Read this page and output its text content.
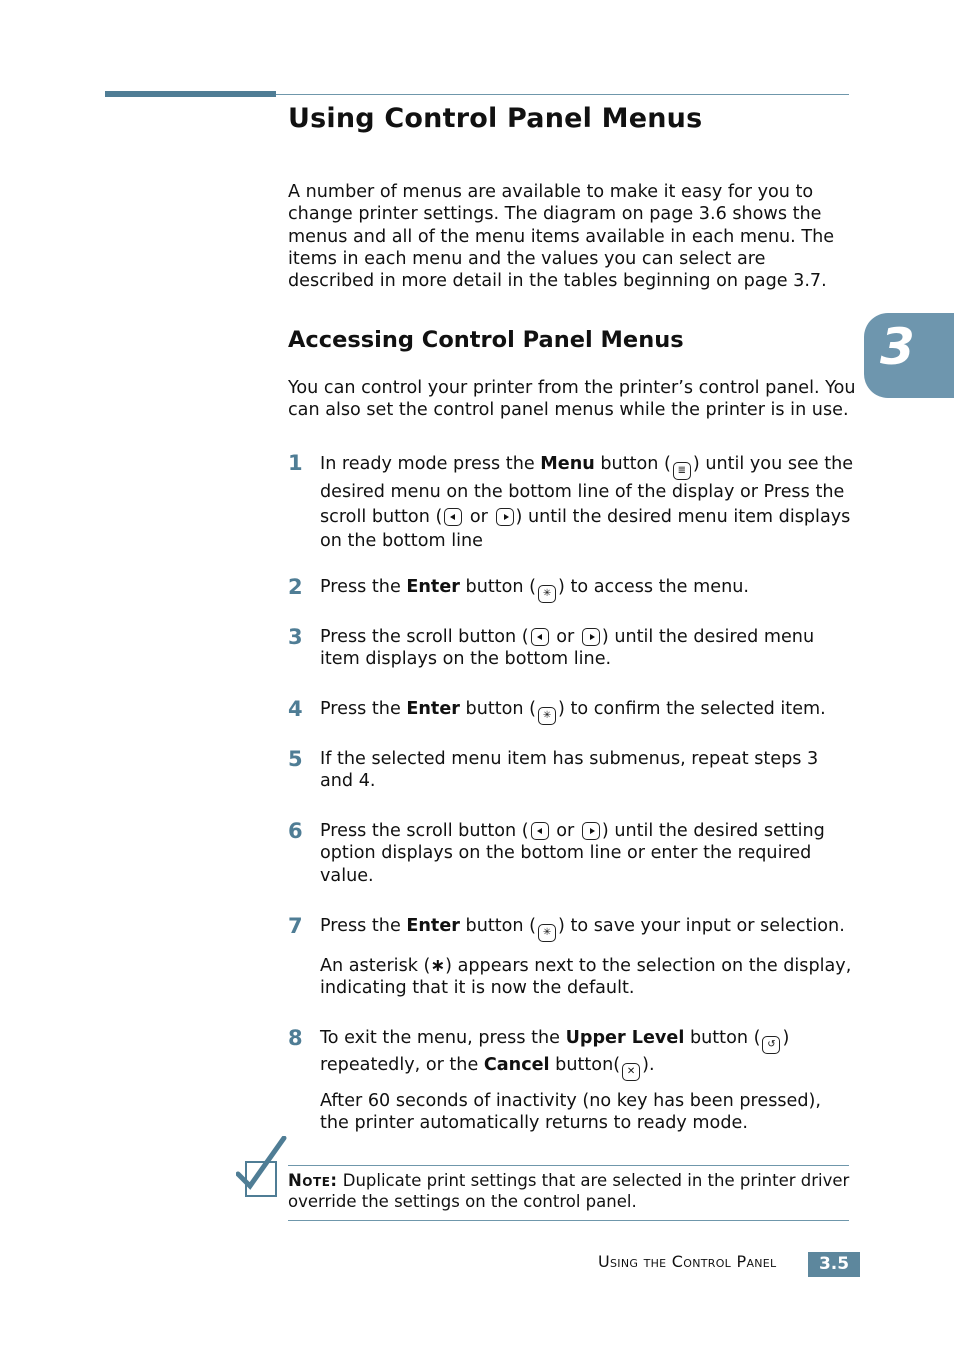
Using Control Panel Menus

A number of menus are available to make it easy for you to change printer settings. The diagram on page 3.6 shows the menus and all of the menu items available in each menu. The items in each menu and the values you can select are described in more detail in the tables beginning on page 3.7.

Accessing Control Panel Menus

You can control your printer from the printer’s control panel. You can also set the control panel menus while the printer is in use.

3
1 In ready mode press the Menu button ( ≣ ) until you see the desired menu on the bottom line of the display or Press the scroll button ( or ) until the desired menu item displays on the bottom line

2 Press the Enter button ( ✳ ) to access the menu.

3 Press the scroll button ( or ) until the desired menu item displays on the bottom line.

4 Press the Enter button ( ✳ ) to confirm the selected item.

5 If the selected menu item has submenus, repeat steps 3 and 4.

6 Press the scroll button ( or ) until the desired setting option displays on the bottom line or enter the required value.

7 Press the Enter button ( ✳ ) to save your input or selection.

An asterisk (∗) appears next to the selection on the display, indicating that it is now the default.

8 To exit the menu, press the Upper Level button ( ↺ ) repeatedly, or the Cancel button( ✕ ).

After 60 seconds of inactivity (no key has been pressed), the printer automatically returns to ready mode.

Note: Duplicate print settings that are selected in the printer driver override the settings on the control panel.

Using the Control Panel	3.5
